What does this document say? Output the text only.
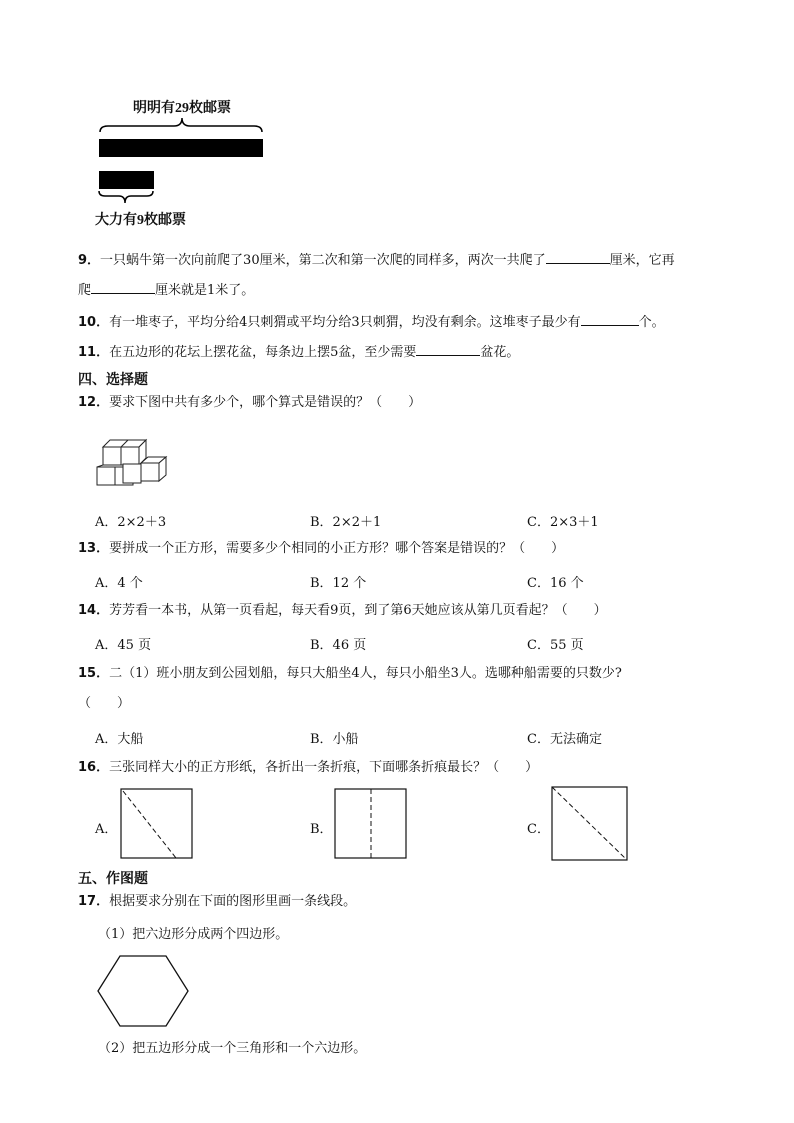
明明有29枚邮票
大力有9枚邮票
9．一只蜗牛第一次向前爬了30厘米，第二次和第一次爬的同样多，两次一共爬了	厘米，它再
爬	厘米就是1米了。
10．有一堆枣子，平均分给4只刺猬或平均分给3只刺猬，均没有剩余。这堆枣子最少有	个。
11．在五边形的花坛上摆花盆，每条边上摆5盆，至少需要	盆花。
四、选择题
12．要求下图中共有多少个，哪个算式是错误的？（　　）
A．2×2＋3	B．2×2＋1	C．2×3＋1
13．要拼成一个正方形，需要多少个相同的小正方形？哪个答案是错误的？（　　）
A．4 个	B．12 个	C．16 个
14．芳芳看一本书，从第一页看起，每天看9页，到了第6天她应该从第几页看起？（　　）
A．45 页	B．46 页	C．55 页
15．二（1）班小朋友到公园划船，每只大船坐4人，每只小船坐3人。选哪种船需要的只数少?
（　　）
A．大船	B．小船	C．无法确定
16．三张同样大小的正方形纸，各折出一条折痕，下面哪条折痕最长？（　　）
A．	B．	C．
五、作图题
17．根据要求分别在下面的图形里画一条线段。
（1）把六边形分成两个四边形。
（2）把五边形分成一个三角形和一个六边形。
